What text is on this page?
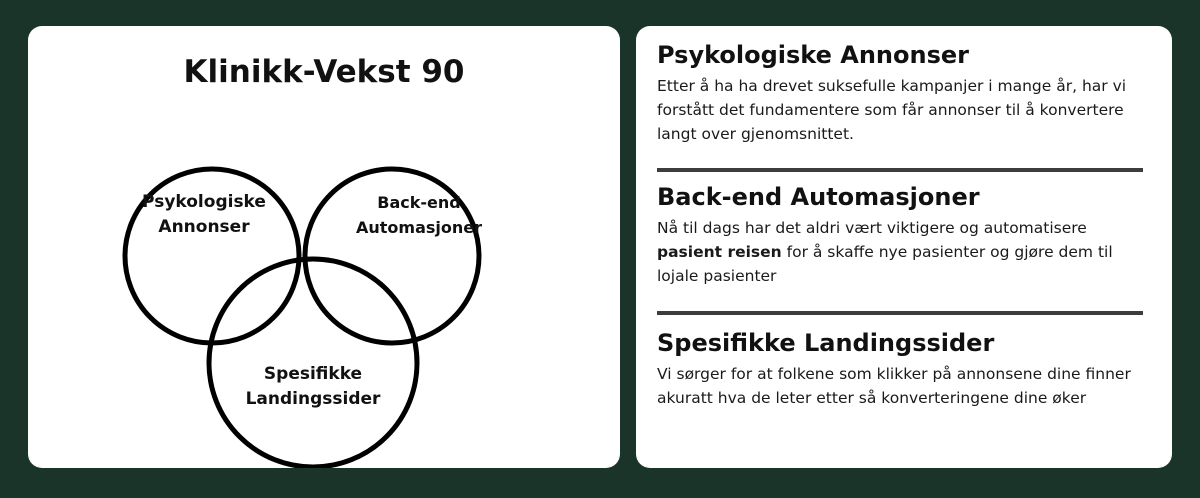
Klinikk-Vekst 90
Psykologiske
Annonser
Back-end
Automasjoner
Spesifikke
Landingssider
Psykologiske Annonser

Etter å ha ha drevet suksefulle kampanjer i mange år, har vi forstått det fundamentere som får annonser til å konvertere langt over gjenomsnittet.

Back-end Automasjoner

Nå til dags har det aldri vært viktigere og automatisere pasient reisen for å skaffe nye pasienter og gjøre dem til lojale pasienter

Spesifikke Landingssider

Vi sørger for at folkene som klikker på annonsene dine finner akuratt hva de leter etter så konverteringene dine øker
